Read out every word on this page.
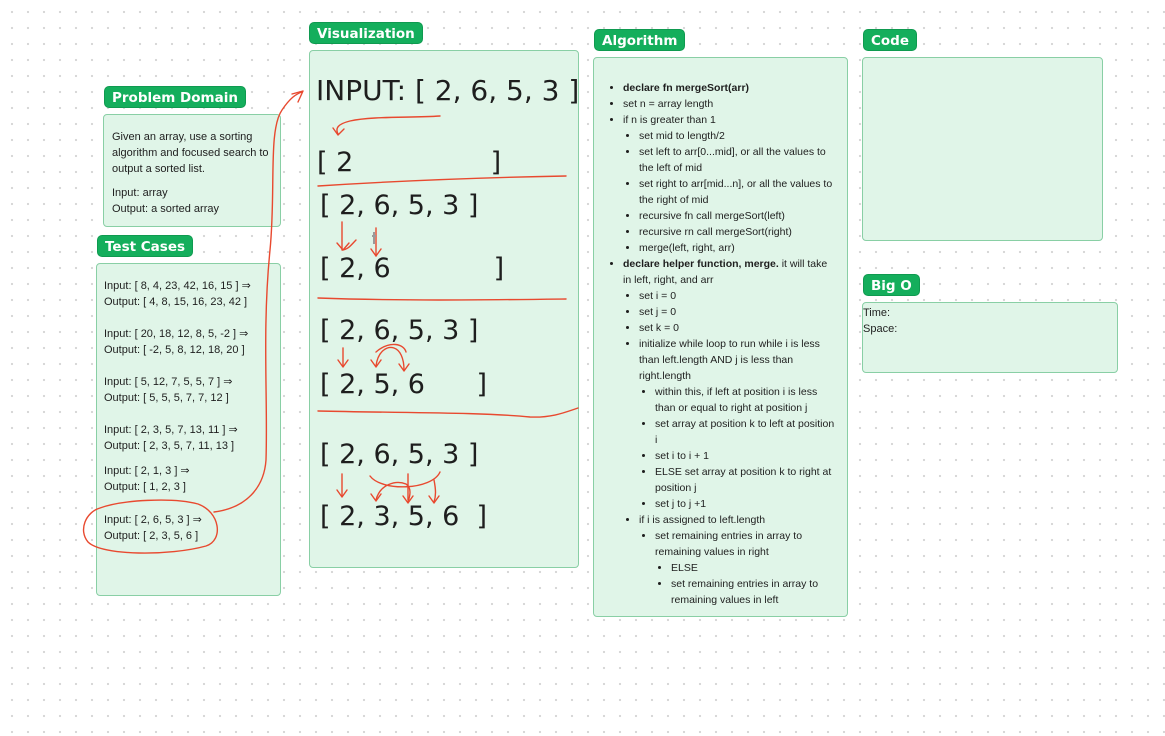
Problem Domain

Given an array, use a sorting algorithm and focused search to output a sorted list.

Input: array
Output: a sorted array
Test Cases
Input: [ 8, 4, 23, 42, 16, 15 ] ⇒
Output: [ 4, 8, 15, 16, 23, 42 ]
Input: [ 20, 18, 12, 8, 5, -2 ] ⇒
Output: [ -2, 5, 8, 12, 18, 20 ]
Input: [ 5, 12, 7, 5, 5, 7 ] ⇒
Output: [ 5, 5, 5, 7, 7, 12 ]
Input: [ 2, 3, 5, 7, 13, 11 ] ⇒
Output: [ 2, 3, 5, 7, 11, 13 ]
Input: [ 2, 1, 3 ] ⇒
Output: [ 1, 2, 3 ]
Input: [ 2, 6, 5, 3 ] ⇒
Output: [ 2, 3, 5, 6 ]
Visualization
INPUT: [ 2, 6, 5, 3 ]
[ 2                ]
[ 2, 6, 5, 3 ]
[ 2, 6            ]
[ 2, 6, 5, 3 ]
[ 2, 5, 6      ]
[ 2, 6, 5, 3 ]
[ 2, 3, 5, 6  ]
Algorithm
• declare fn mergeSort(arr)
• set n = array length
• if n is greater than 1
• set mid to length/2
• set left to arr[0...mid], or all the values to the left of mid
• set right to arr[mid...n], or all the values to the right of mid
• recursive fn call mergeSort(left)
• recursive rn call mergeSort(right)
• merge(left, right, arr)
• declare helper function, merge. it will take in left, right, and arr
• set i = 0
• set j = 0
• set k = 0
• initialize while loop to run while i is less than left.length AND j is less than right.length
• within this, if left at position i is less than or equal to right at position j
• set array at position k to left at position i
• set i to i + 1
• ELSE set array at position k to right at position j
• set j to j +1
• if i is assigned to left.length
• set remaining entries in array to remaining values in right
• ELSE
• set remaining entries in array to remaining values in left
Code
Big O
Time:
Space:
